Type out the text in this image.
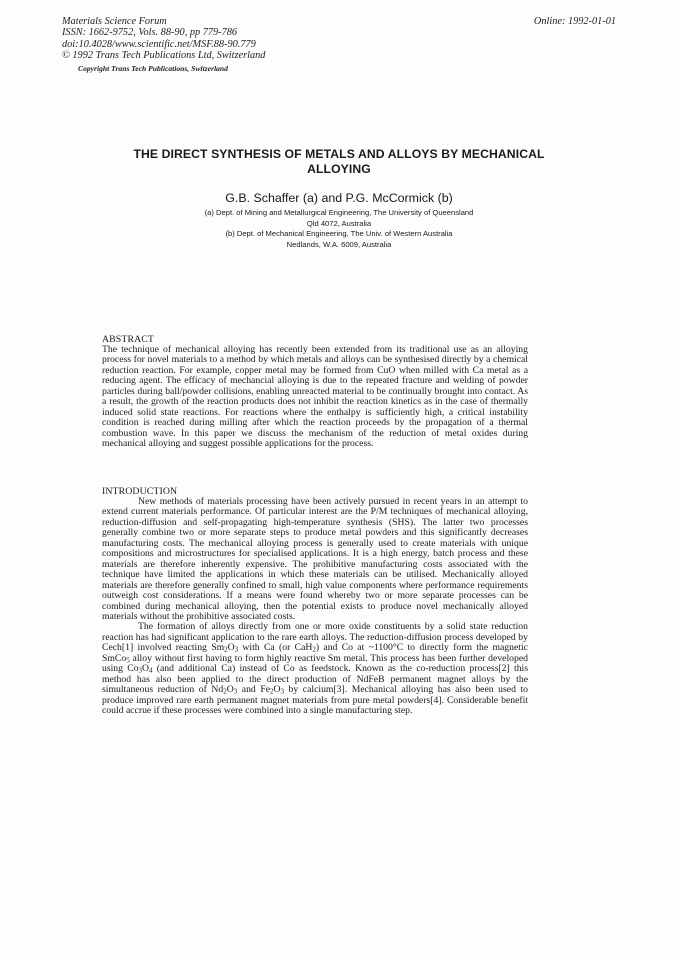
Materials Science Forum
ISSN: 1662-9752, Vols. 88-90, pp 779-786
doi:10.4028/www.scientific.net/MSF.88-90.779
© 1992 Trans Tech Publications Ltd, Switzerland
Copyright Trans Tech Publications, Switzerland
Online: 1992-01-01
THE DIRECT SYNTHESIS OF METALS AND ALLOYS BY MECHANICAL
ALLOYING
G.B. Schaffer (a) and P.G. McCormick (b)
(a) Dept. of Mining and Metallurgical Engineering, The University of Queensland
Qld 4072, Australia
(b) Dept. of Mechanical Engineering, The Univ. of Western Australia
Nedlands, W.A. 6009, Australia
ABSTRACT

The technique of mechanical alloying has recently been extended from its traditional use as an alloying process for novel materials to a method by which metals and alloys can be synthesised directly by a chemical reduction reaction. For example, copper metal may be formed from CuO when milled with Ca metal as a reducing agent. The efficacy of mechancial alloying is due to the repeated fracture and welding of powder particles during ball/powder collisions, enabling unreacted material to be continually brought into contact. As a result, the growth of the reaction products does not inhibit the reaction kinetics as in the case of thermally induced solid state reactions. For reactions where the enthalpy is sufficiently high, a critical instability condition is reached during milling after which the reaction proceeds by the propagation of a thermal combustion wave. In this paper we discuss the mechanism of the reduction of metal oxides during mechanical alloying and suggest possible applications for the process.

INTRODUCTION

New methods of materials processing have been actively pursued in recent years in an attempt to extend current materials performance. Of particular interest are the P/M techniques of mechanical alloying, reduction-diffusion and self-propagating high-temperature synthesis (SHS). The latter two processes generally combine two or more separate steps to produce metal powders and this significantly decreases manufacturing costs. The mechanical alloying process is generally used to create materials with unique compositions and microstructures for specialised applications. It is a high energy, batch process and these materials are therefore inherently expensive. The prohibitive manufacturing costs associated with the technique have limited the applications in which these materials can be utilised. Mechanically alloyed materials are therefore generally confined to small, high value components where performance requirements outweigh cost considerations. If a means were found whereby two or more separate processes can be combined during mechanical alloying, then the potential exists to produce novel mechanically alloyed materials without the prohibitive associated costs.

The formation of alloys directly from one or more oxide constituents by a solid state reduction reaction has had significant application to the rare earth alloys. The reduction-diffusion process developed by Cech[1] involved reacting $Sm_2O_3$ with Ca (or CaH$_2$) and Co at ~1100°C to directly form the magnetic SmCo$_5$ alloy without first having to form highly reactive Sm metal. This process has been further developed using $Co_3O_4$ (and additional Ca) instead of Co as feedstock. Known as the co-reduction process[2] this method has also been applied to the direct production of NdFeB permanent magnet alloys by the simultaneous reduction of $Nd_2O_3$ and $Fe_2O_3$ by calcium[3]. Mechanical alloying has also been used to produce improved rare earth permanent magnet materials from pure metal powders[4]. Considerable benefit could accrue if these processes were combined into a single manufacturing step.
